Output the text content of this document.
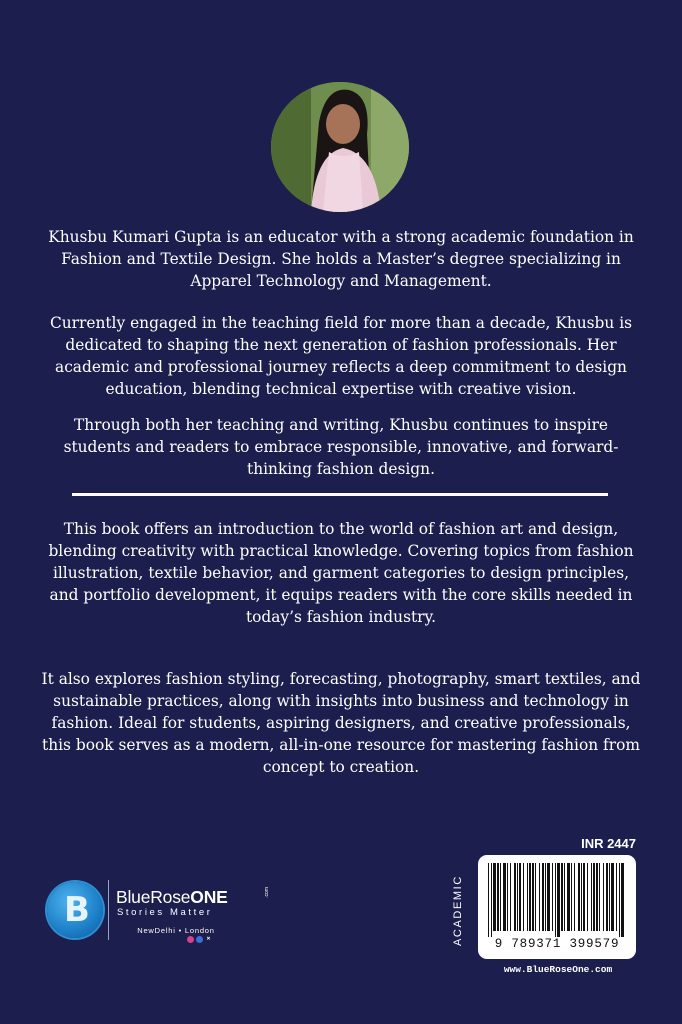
Khusbu Kumari Gupta is an educator with a strong academic foundation in Fashion and Textile Design. She holds a Master’s degree specializing in Apparel Technology and Management.

Currently engaged in the teaching field for more than a decade, Khusbu is dedicated to shaping the next generation of fashion professionals. Her academic and professional journey reflects a deep commitment to design education, blending technical expertise with creative vision.

Through both her teaching and writing, Khusbu continues to inspire students and readers to embrace responsible, innovative, and forward-thinking fashion design.

This book offers an introduction to the world of fashion art and design, blending creativity with practical knowledge. Covering topics from fashion illustration, textile behavior, and garment categories to design principles, and portfolio development, it equips readers with the core skills needed in today’s fashion industry.

It also explores fashion styling, forecasting, photography, smart textiles, and sustainable practices, along with insights into business and technology in fashion. Ideal for students, aspiring designers, and creative professionals, this book serves as a modern, all-in-one resource for mastering fashion from concept to creation.

B BlueRoseONE	.com
Stories Matter
NewDelhi • London
✕	ACADEMIC
INR 2447
9 789371 399579
www.BlueRoseOne.com
